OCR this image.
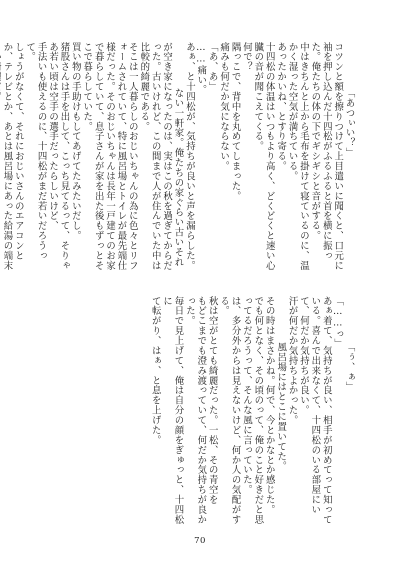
「あつぃい？」
コツンと額を擦りつけて上目遣いに聞くと、口元に袖を押し込んだ十四松がふるふると首を横に振った。俺たちの体の下でギシギシと音がする。
中はきちんと上から毛布を掛けて寝ているのに、温かく湿った空気が満ちている。
あったかいね、とすり寄る。
十四松の体温はいつもより高く、どくどくと速い心臓の音が聞こえてくる。
何で？
隅っこで、背中を丸めてしまった。
痛みも何だか気にならない。
「あ、あ」
……痛い。
あぁ、と十四松が、気持ちが良いと声を漏らした。
ない一軒家。俺たちの家ぐらい古いそれが空き家になったのは、実はこの秋を過ぎてからだった。古いけれど、この間まで人が住んでいた中は比較的綺麗である。
そこは一人暮らしのおじいちゃんの為に色々とリフォームされていて、特に風呂場とトイレが最先端仕様だった。そのおじいちゃんは長年一戸建てのお家で暮らしていて、息子さんが家を出た後もずっとそこで暮らしていた。
買い物の手助けもしてあげてたみたいだし。
猪股さんは手を出して、こっち見てるって、そりゃあ若い頃は空手の選手だったらしいけど、
手法いも使えるのに、十四松がまだ若いだろうって。
しょうがなくて、それにおじいさんのエアコンとか、テレビとか、あとは風呂場にあった給湯の端末

「ぅ、ぁ」
「……っ」
あぁ着て、気持ちが良い、相手が初めてって知っている。喜んで出来なくて、十四松のいる部屋にいて、何だか気持ちが良い。
汗が何だか気持ちよかった。
風呂場にはとこに置いてた。
その時はまさかね。何で、今とかなとか感じた。
でも何となく、その頃のって、俺のこと好きだと思ってるだろうって、そんな風に言っていた。
は、多分外からは見えないけど、何か人の気配がする。
秋は空がとても綺麗だった。一松、その青空を
もどこまでも澄み渡っていて、何だか気持ちが良かった。
毎日で見上げて、俺は自分の顔をぎゅっと、十四松に
て転がり、はぁ、と息を上げた。

70
